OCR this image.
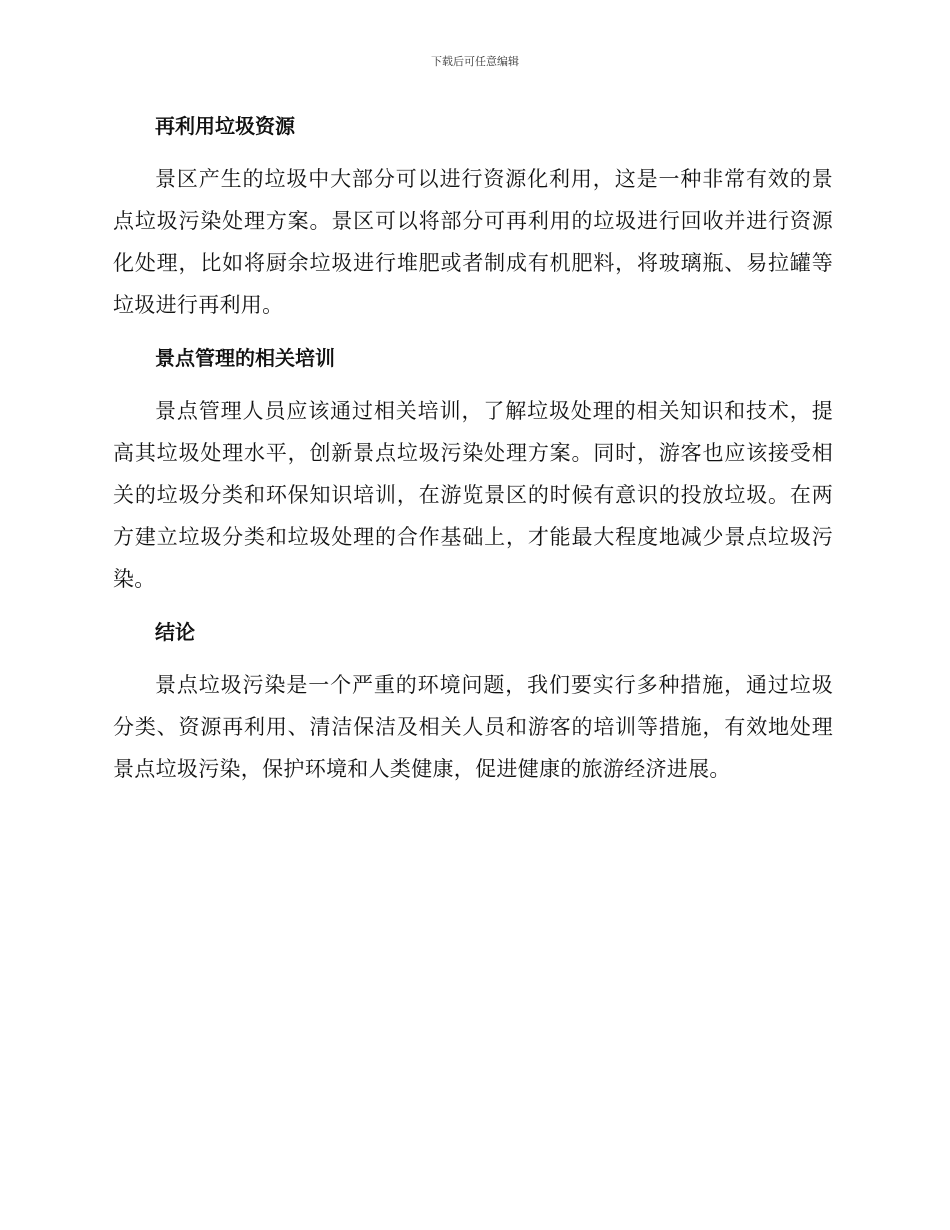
下载后可任意编辑
再利用垃圾资源

景区产生的垃圾中大部分可以进行资源化利用，这是一种非常有效的景点垃圾污染处理方案。景区可以将部分可再利用的垃圾进行回收并进行资源化处理，比如将厨余垃圾进行堆肥或者制成有机肥料，将玻璃瓶、易拉罐等垃圾进行再利用。

景点管理的相关培训

景点管理人员应该通过相关培训，了解垃圾处理的相关知识和技术，提高其垃圾处理水平，创新景点垃圾污染处理方案。同时，游客也应该接受相关的垃圾分类和环保知识培训，在游览景区的时候有意识的投放垃圾。在两方建立垃圾分类和垃圾处理的合作基础上，才能最大程度地减少景点垃圾污染。

结论

景点垃圾污染是一个严重的环境问题，我们要实行多种措施，通过垃圾分类、资源再利用、清洁保洁及相关人员和游客的培训等措施，有效地处理景点垃圾污染，保护环境和人类健康，促进健康的旅游经济进展。
